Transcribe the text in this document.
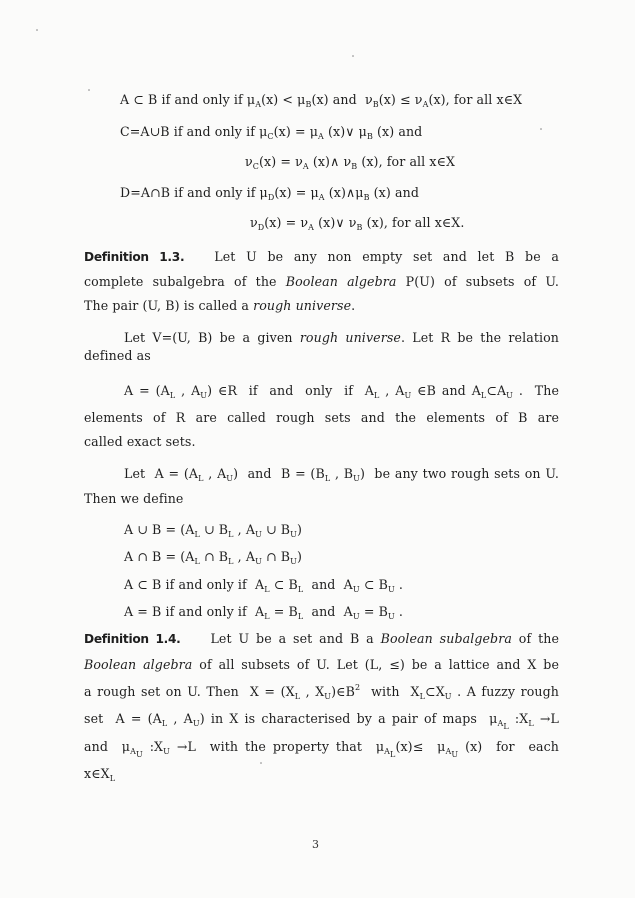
A ⊂ B if and only if $\mu_A(x) < \mu_B(x)$ and  $\nu_B(x) \le \nu_A(x)$, for all x∈X
C=A∪B if and only if $\mu_C(x) = \mu_A$ (x)∨ $\mu_B$ (x) and
$\nu_C(x) = \nu_A$ (x)∧ $\nu_B$ (x), for all x∈X
D=A∩B if and only if $\mu_D(x) = \mu_A$ $(x)\wedge\mu_B$ (x) and
$\nu_D(x) = \nu_A$ (x)∨ $\nu_B$ (x), for all x∈X.
Definition 1.3. Let U be any non empty set and let B be a
complete subalgebra of the Boolean algebra P(U) of subsets of U.
The pair (U, B) is called a rough universe.
Let V=(U, B) be a given rough universe. Let R be the relation
defined as
$A = (A_L$ , $A_U$) ∈R  if  and  only  if  $A_L$ , $A_U$ ∈B and $A_L\subset A_U$ .  The
elements of R are called rough sets and the elements of B are
called exact sets.
Let  $A = (A_L$ , $A_U$)  and  $B = (B_L$ , $B_U$)  be any two rough sets on U.
Then we define
A ∪ $B = (A_L$ ∪ $B_L$ , $A_U$ ∪ $B_U$)
A ∩ $B = (A_L$ ∩ $B_L$ , $A_U$ ∩ $B_U$)
A ⊂ B if and only if  $A_L$ ⊂ $B_L$  and  $A_U$ ⊂ $B_U$ .
A = B if and only if  $A_L = B_L$  and  $A_U = B_U$ .
Definition 1.4. Let U be a set and B a Boolean subalgebra of the
Boolean algebra of all subsets of U. Let (L, ≤) be a lattice and X be
a rough set on U. Then  $X = (X_L$ , $X_U)\in B^2$  with  $X_L\subset X_U$ . A fuzzy rough
set  $A = (A_L$ , $A_U$) in X is characterised by a pair of maps  $\mu_{A_L}$ $:X_L \to L$
and  $\mu_{A_U}$ $:X_U \to L$  with the property that  $\mu_{A_L}(x)\le \mu_{A_U}$ (x)  for  each
$x\in X_L$
3
